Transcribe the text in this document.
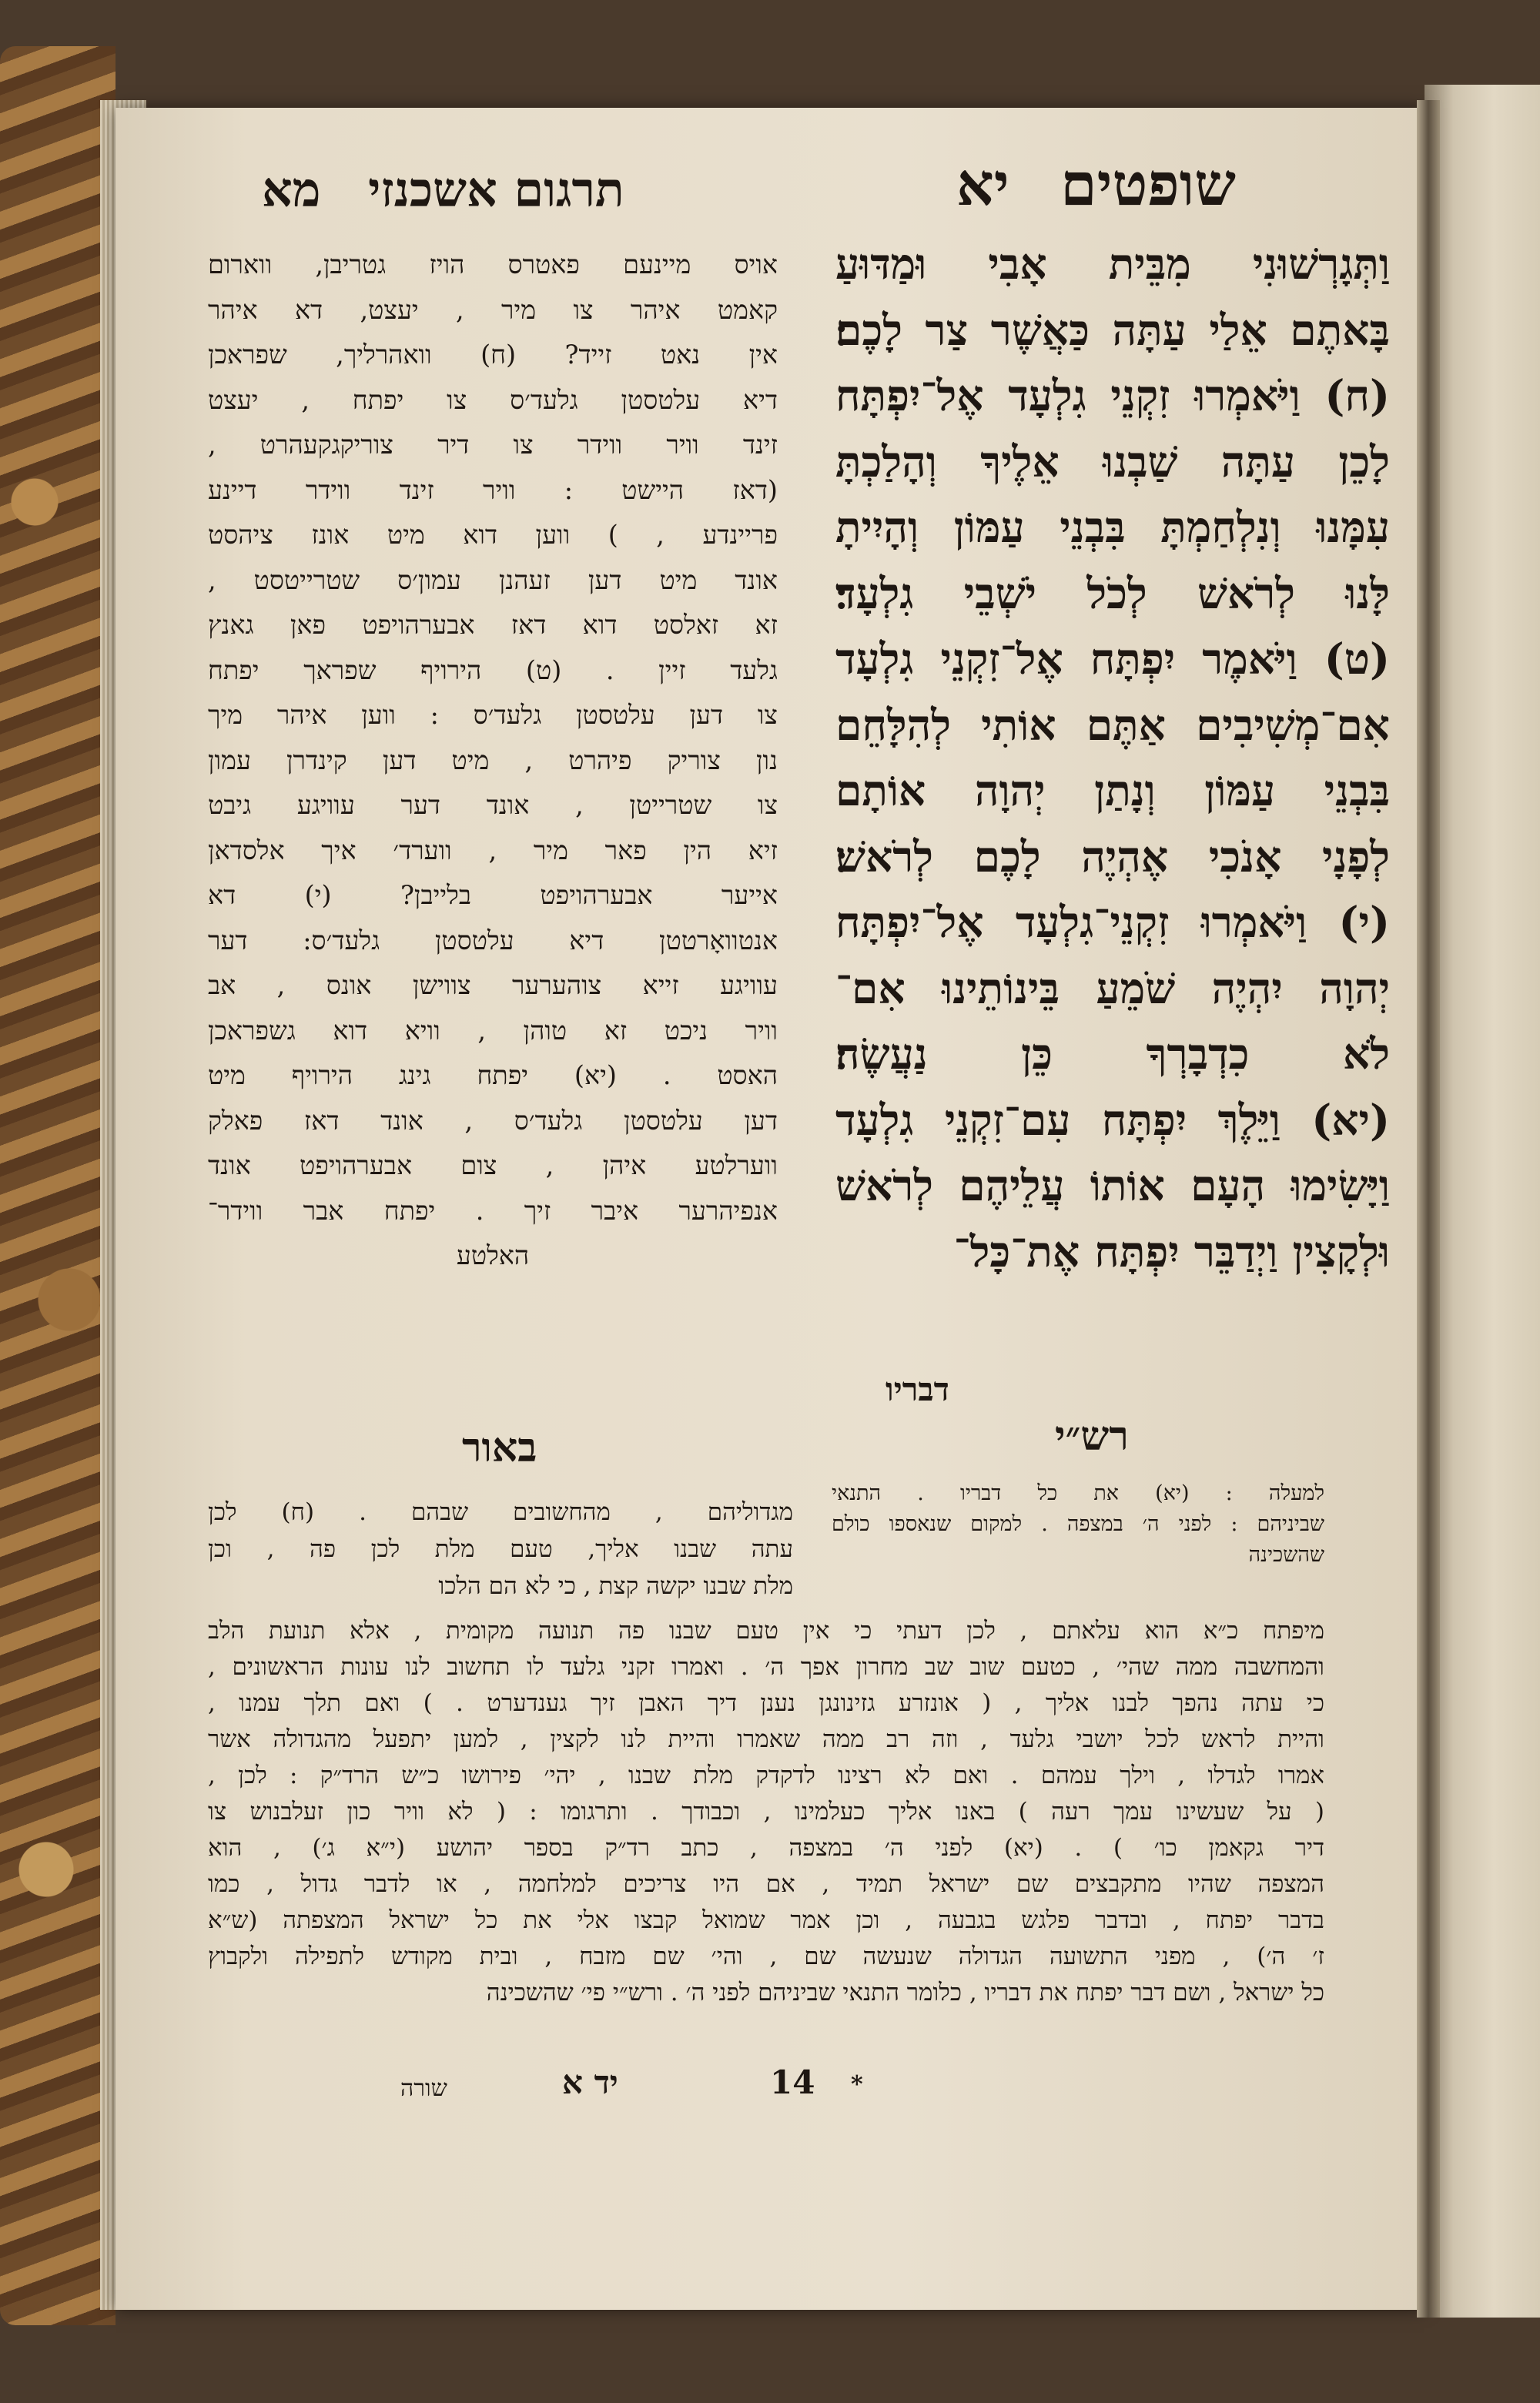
שופטים יא
תרגום אשכנזי מא
וַתְּגָרְשׁוּנִי מִבֵּית אָבִי וּמַדּוּעַ
בָּאתֶם אֵלַי עַתָּה כַּאֲשֶׁר צַר לָכֶם׃
(ח) וַיֹּאמְרוּ זִקְנֵי גִלְעָד אֶל־יִפְתָּח
לָכֵן עַתָּה שַׁבְנוּ אֵלֶיךָ וְהָלַכְתָּ
עִמָּנוּ וְנִלְחַמְתָּ בִּבְנֵי עַמּוֹן וְהָיִיתָ
לָּנוּ לְרֹאשׁ לְכֹל יֹשְׁבֵי גִלְעָד׃
(ט) וַיֹּאמֶר יִפְתָּח אֶל־זִקְנֵי גִלְעָד
אִם־מְשִׁיבִים אַתֶּם אוֹתִי לְהִלָּחֵם
בִּבְנֵי עַמּוֹן וְנָתַן יְהוָה אוֹתָם
לְפָנָי אָנֹכִי אֶהְיֶה לָכֶם לְרֹאשׁ׃
(י) וַיֹּאמְרוּ זִקְנֵי־גִלְעָד אֶל־יִפְתָּח
יְהוָה יִהְיֶה שֹׁמֵעַ בֵּינוֹתֵינוּ אִם־
לֹא כִדְבָרְךָ כֵּן נַעֲשֶׂה׃
(יא) וַיֵּלֶךְ יִפְתָּח עִם־זִקְנֵי גִלְעָד
וַיָּשִׂימוּ הָעָם אוֹתוֹ עֲלֵיהֶם לְרֹאשׁ
וּלְקָצִין וַיְדַבֵּר יִפְתָּח אֶת־כָּל־
אויס מיינעם פאטרס הויז גטריבן, ווארום
קאמט איהר צו מיר , יעצט, דא איהר
אין נאט זייד? (ח) וואהרליך, שפראכן
דיא עלטסטן גלעד׳ס צו יפתח , יעצט
זינד וויר ווידר צו דיר צוריקגקעהרט ,
(דאז היישט : וויר זינד ווידר דיינע
פריינדע , ) ווען דוא מיט אונז ציהסט
אונד מיט דען זעהנן עמון׳ס שטרייטסט ,
זא זאלסט דוא דאז אבערהויפט פאן גאנץ
גלעד זיין . (ט) הירויף שפראך יפתח
צו דען עלטסטן גלעד׳ס : ווען איהר מיך
נון צוריק פיהרט , מיט דען קינדרן עמון
צו שטרייטן , אונד דער עוויגע גיבט
זיא הין פאר מיר , ווערד׳ איך אלסדאן
אייער אבערהויפט בלייבן? (י) דא
אנטוואָרטטן דיא עלטסטן גלעד׳ס: דער
עוויגע זייא צוהערער צווישן אונס , אב
וויר ניכט זא טוהן , וויא דוא גשפראכן
האסט . (יא) יפתח גינג הירויף מיט
דען עלטסטן גלעד׳ס , אונד דאז פאלק
ווערלטע איהן , צום אבערהויפט אונד
אנפיהרער איבר זיך . יפתח אבר ווידר־
האלטע
דבריו
רש״י
באור
למעלה : (יא) את כל דבריו . התנאי
שביניהם : לפני ה׳ במצפה . למקום שנאספו כולם
שהשכינה
מגדוליהם , מהחשובים שבהם . (ח) לכן
עתה שבנו אליך, טעם מלת לכן פה , וכן
מלת שבנו יקשה קצת , כי לא הם הלכו
מיפתח כ״א הוא עלאתם , לכן דעתי כי אין טעם שבנו פה תנועה מקומית , אלא תנועת הלב
והמחשבה ממה שהי׳ , כטעם שוב שב מחרון אפך ה׳ . ואמרו זקני גלעד לו תחשוב לנו עונות הראשונים ,
כי עתה נהפך לבנו אליך , ( אונזרע גזינונגן נענן דיך האבן זיך גענדערט . ) ואם תלך עמנו ,
והיית לראש לכל יושבי גלעד , וזה רב ממה שאמרו והיית לנו לקצין , למען יתפעל מהגדולה אשר
אמרו לגדלו , וילך עמהם . ואם לא רצינו לדקדק מלת שבנו , יהי׳ פירושו כ״ש הרד״ק : לכן ,
( על שעשינו עמך רעה ) באנו אליך כעלמינו , וכבודך . ותרגומו : ( לא וויר כון זעלבנוש צו
דיר גקאמן כו׳ ) . (יא) לפני ה׳ במצפה , כתב רד״ק בספר יהושע (י״א ג׳) , הוא
המצפה שהיו מתקבצים שם ישראל תמיד , אם היו צריכים למלחמה , או לדבר גדול , כמו
בדבר יפתח , ובדבר פלגש בגבעה , וכן אמר שמואל קבצו אלי את כל ישראל המצפתה (ש״א
ז׳ ה׳) , מפני התשועה הגדולה שנעשה שם , והי׳ שם מזבח , ובית מקודש לתפילה ולקבוץ
כל ישראל , ושם דבר יפתח את דבריו , כלומר התנאי שביניהם לפני ה׳ . ורש״י פי׳ שהשכינה
יד א	14 *
שורה
